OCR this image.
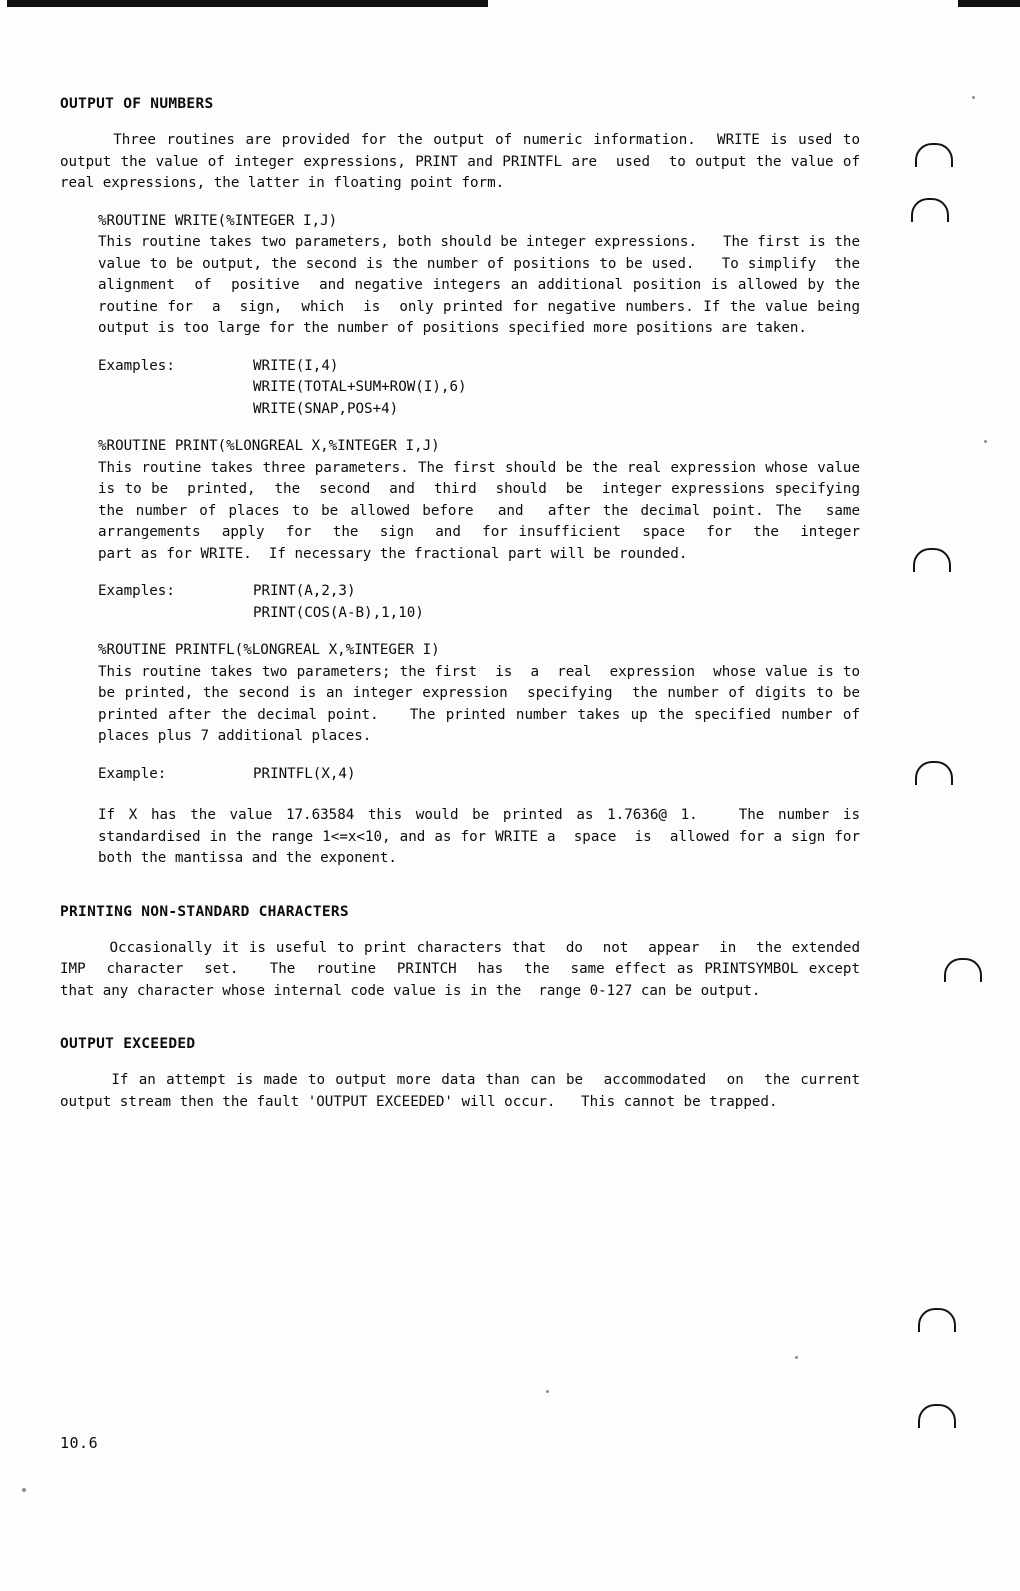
OUTPUT OF NUMBERS

Three routines are provided for the output of numeric information.  WRITE is used to output the value of integer expressions, PRINT and PRINTFL are  used  to output the value of real expressions, the latter in floating point form.

%ROUTINE WRITE(%INTEGER I,J)

This routine takes two parameters, both should be integer expressions.   The first is the value to be output, the second is the number of positions to be used.   To simplify  the  alignment  of  positive  and negative integers an additional position is allowed by the routine for  a  sign,  which  is  only printed for negative numbers. If the value being output is too large for the number of positions specified more positions are taken.

Examples:	WRITE(I,4)
WRITE(TOTAL+SUM+ROW(I),6)
WRITE(SNAP,POS+4)

%ROUTINE PRINT(%LONGREAL X,%INTEGER I,J)

This routine takes three parameters. The first should be the real expression whose value is to be  printed,  the  second  and  third  should  be  integer expressions specifying the number of places to be allowed before  and  after the decimal point. The  same  arrangements  apply  for  the  sign  and  for insufficient  space  for  the  integer  part as for WRITE.  If necessary the fractional part will be rounded.

Examples:	PRINT(A,2,3)
PRINT(COS(A-B),1,10)

%ROUTINE PRINTFL(%LONGREAL X,%INTEGER I)

This routine takes two parameters; the first  is  a  real  expression  whose value is to be printed, the second is an integer expression  specifying  the number of digits to be printed after the decimal point.   The printed number takes up the specified number of places plus 7 additional places.

Example:	PRINTFL(X,4)

If X has the value 17.63584 this would be printed as 1.7636@ 1.   The number is standardised in the range 1<=x<10, and as for WRITE a  space  is  allowed for a sign for both the mantissa and the exponent.

PRINTING NON-STANDARD CHARACTERS

Occasionally it is useful to print characters that  do  not  appear  in  the extended  IMP  character  set.   The  routine  PRINTCH  has  the  same effect as PRINTSYMBOL except that any character whose internal code value is in the  range 0-127 can be output.

OUTPUT EXCEEDED

If an attempt is made to output more data than can be  accommodated  on  the current output stream then the fault 'OUTPUT EXCEEDED' will occur.   This cannot be trapped.

10.6
